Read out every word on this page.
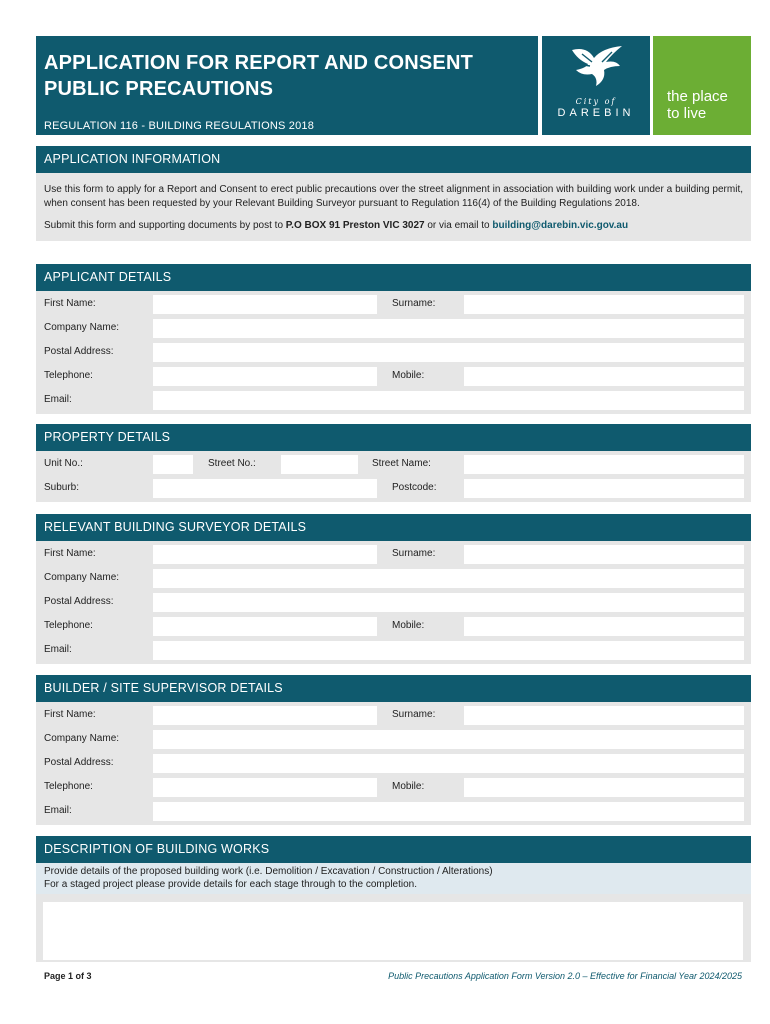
APPLICATION FOR REPORT AND CONSENT
PUBLIC PRECAUTIONS
REGULATION 116 - BUILDING REGULATIONS 2018
City of
DAREBIN
the place
to live
APPLICATION INFORMATION

Use this form to apply for a Report and Consent to erect public precautions over the street alignment in association with building work under a building permit, when consent has been requested by your Relevant Building Surveyor pursuant to Regulation 116(4) of the Building Regulations 2018.

Submit this form and supporting documents by post to P.O BOX 91 Preston VIC 3027 or via email to building@darebin.vic.gov.au

APPLICANT DETAILS
First Name:	Surname:
Company Name:
Postal Address:
Telephone:	Mobile:
Email:
PROPERTY DETAILS
Unit No.:	Street No.:	Street Name:
Suburb:	Postcode:
RELEVANT BUILDING SURVEYOR DETAILS
First Name:	Surname:
Company Name:
Postal Address:
Telephone:	Mobile:
Email:
BUILDER / SITE SUPERVISOR DETAILS
First Name:	Surname:
Company Name:
Postal Address:
Telephone:	Mobile:
Email:
DESCRIPTION OF BUILDING WORKS
Provide details of the proposed building work (i.e. Demolition / Excavation / Construction / Alterations)
For a staged project please provide details for each stage through to the completion.
Page 1 of 3	Public Precautions Application Form Version 2.0 – Effective for Financial Year 2024/2025
